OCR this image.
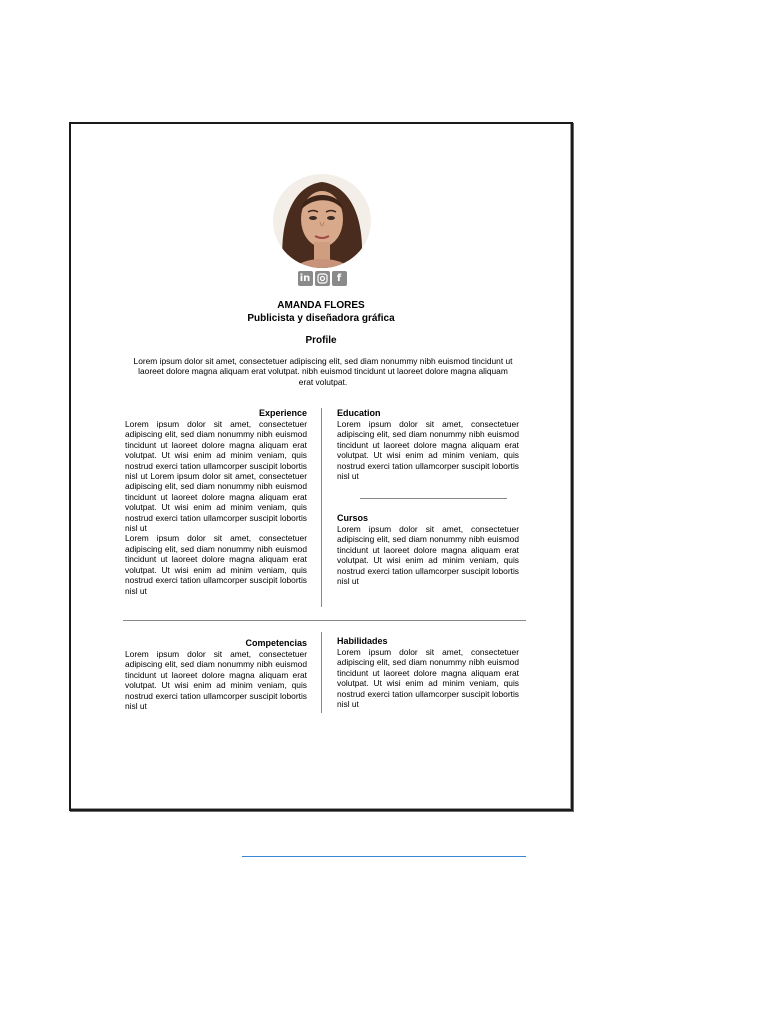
in	f
AMANDA FLORES
Publicista y diseñadora gráfica
Profile
Lorem ipsum dolor sit amet, consectetuer adipiscing elit, sed diam nonummy nibh euismod tincidunt ut laoreet dolore magna aliquam erat volutpat. nibh euismod tincidunt ut laoreet dolore magna aliquam erat volutpat.
Experience
Lorem ipsum dolor sit amet, consectetuer adipiscing elit, sed diam nonummy nibh euismod tincidunt ut laoreet dolore magna aliquam erat volutpat. Ut wisi enim ad minim veniam, quis nostrud exerci tation ullamcorper suscipit lobortis nisl ut Lorem ipsum dolor sit amet, consectetuer adipiscing elit, sed diam nonummy nibh euismod tincidunt ut laoreet dolore magna aliquam erat volutpat. Ut wisi enim ad minim veniam, quis nostrud exerci tation ullamcorper suscipit lobortis nisl ut
Lorem ipsum dolor sit amet, consectetuer adipiscing elit, sed diam nonummy nibh euismod tincidunt ut laoreet dolore magna aliquam erat volutpat. Ut wisi enim ad minim veniam, quis nostrud exerci tation ullamcorper suscipit lobortis nisl ut
Education
Lorem ipsum dolor sit amet, consectetuer adipiscing elit, sed diam nonummy nibh euismod tincidunt ut laoreet dolore magna aliquam erat volutpat. Ut wisi enim ad minim veniam, quis nostrud exerci tation ullamcorper suscipit lobortis nisl ut
Cursos
Lorem ipsum dolor sit amet, consectetuer adipiscing elit, sed diam nonummy nibh euismod tincidunt ut laoreet dolore magna aliquam erat volutpat. Ut wisi enim ad minim veniam, quis nostrud exerci tation ullamcorper suscipit lobortis nisl ut
Competencias
Lorem ipsum dolor sit amet, consectetuer adipiscing elit, sed diam nonummy nibh euismod tincidunt ut laoreet dolore magna aliquam erat volutpat. Ut wisi enim ad minim veniam, quis nostrud exerci tation ullamcorper suscipit lobortis nisl ut
Habilidades
Lorem ipsum dolor sit amet, consectetuer adipiscing elit, sed diam nonummy nibh euismod tincidunt ut laoreet dolore magna aliquam erat volutpat. Ut wisi enim ad minim veniam, quis nostrud exerci tation ullamcorper suscipit lobortis nisl ut
